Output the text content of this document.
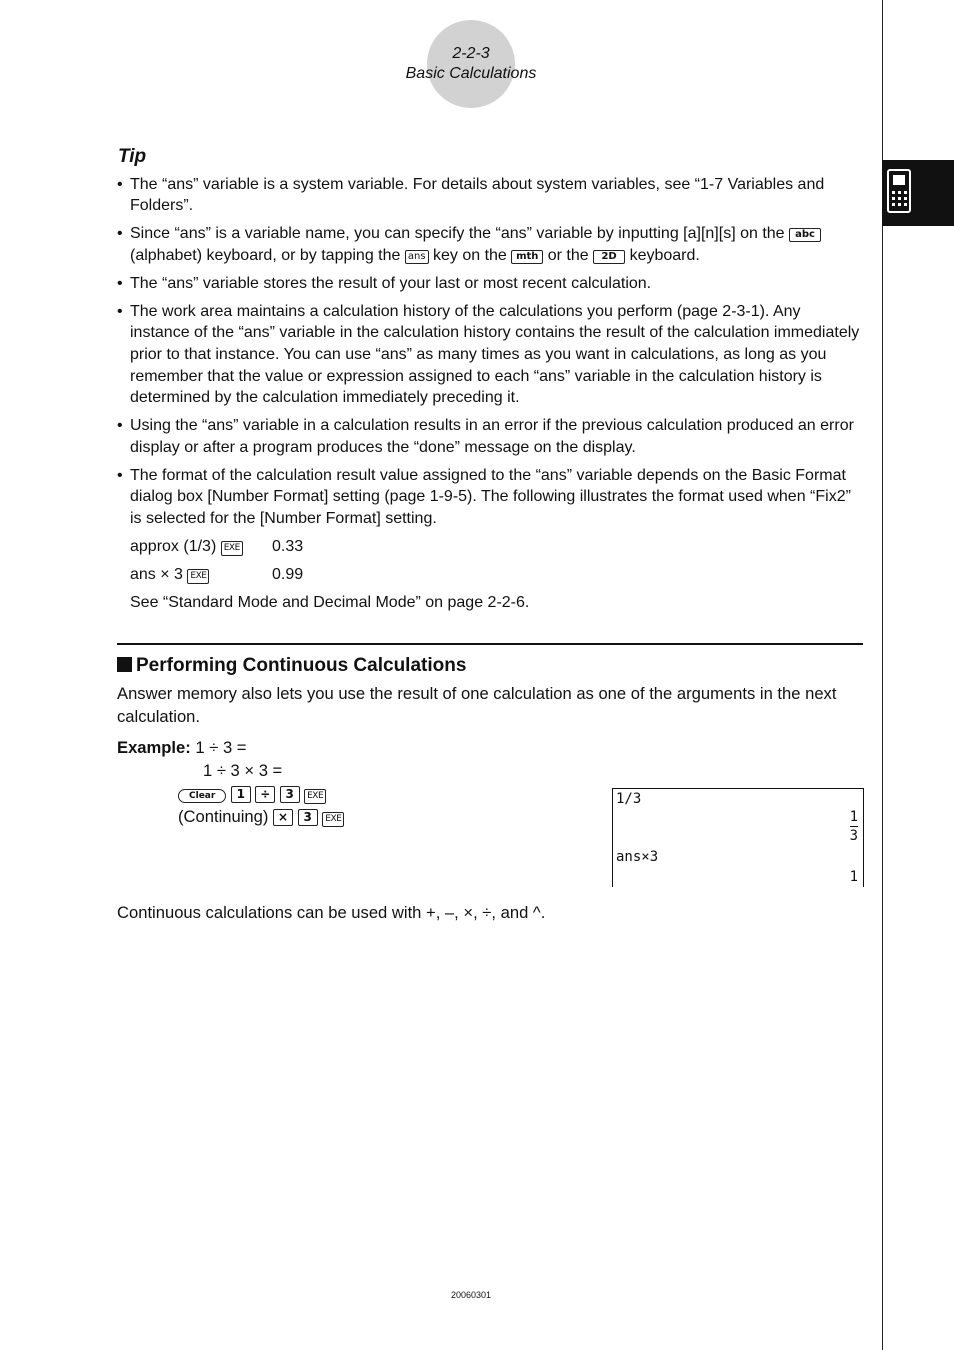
2-2-3
Basic Calculations
Tip
• The “ans” variable is a system variable. For details about system variables, see “1-7 Variables and Folders”.
• Since “ans” is a variable name, you can specify the “ans” variable by inputting [a][n][s] on the abc (alphabet) keyboard, or by tapping the ans key on the mth or the 2D keyboard.
• The “ans” variable stores the result of your last or most recent calculation.
• The work area maintains a calculation history of the calculations you perform (page 2-3-1). Any instance of the “ans” variable in the calculation history contains the result of the calculation immediately prior to that instance. You can use “ans” as many times as you want in calculations, as long as you remember that the value or expression assigned to each “ans” variable in the calculation history is determined by the calculation immediately preceding it.
• Using the “ans” variable in a calculation results in an error if the previous calculation produced an error display or after a program produces the “done” message on the display.
• The format of the calculation result value assigned to the “ans” variable depends on the Basic Format dialog box [Number Format] setting (page 1-9-5). The following illustrates the format used when “Fix2” is selected for the [Number Format] setting.
approx (1/3) EXE 0.33
ans × 3 EXE	0.99
See “Standard Mode and Decimal Mode” on page 2-2-6.
Performing Continuous Calculations
Answer memory also lets you use the result of one calculation as one of the arguments in the next calculation.
Example: 1 ÷ 3 =
1 ÷ 3 × 3 =
Clear 1 ÷ 3 EXE
(Continuing) × 3 EXE
1/3
1
3
ans×3
1
Continuous calculations can be used with +, –, ×, ÷, and ^.
20060301
